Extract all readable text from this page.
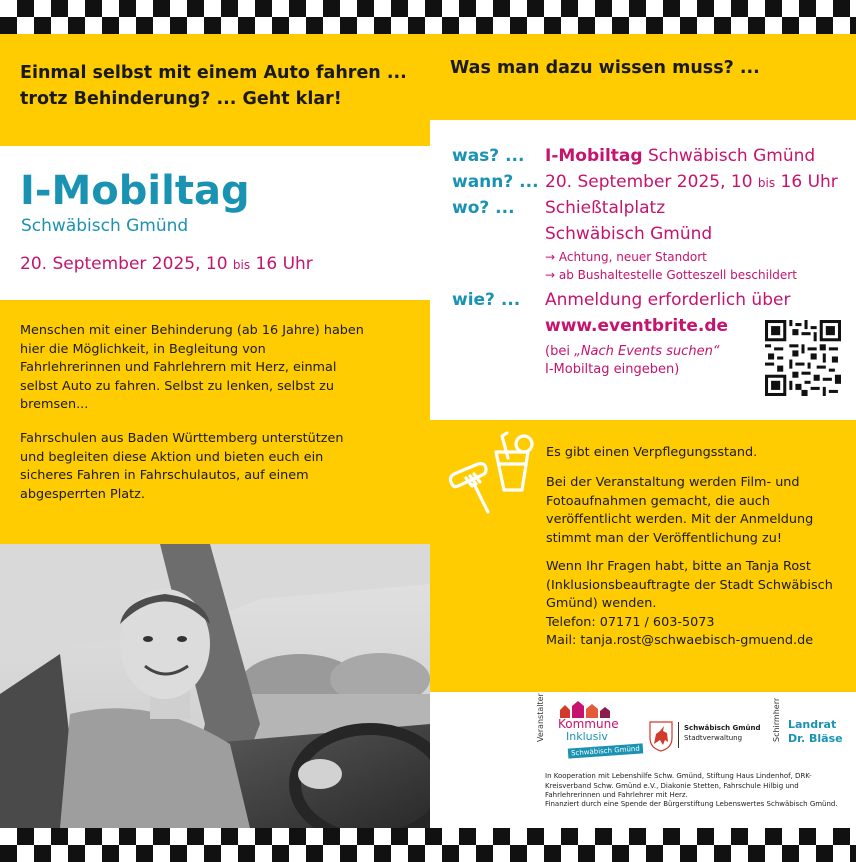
Einmal selbst mit einem Auto fahren ...
trotz Behinderung? ... Geht klar!
I-Mobiltag
Schwäbisch Gmünd
20. September 2025, 10 bis 16 Uhr

Menschen mit einer Behinderung (ab 16 Jahre) haben hier die Möglichkeit, in Begleitung von Fahrlehrerinnen und Fahrlehrern mit Herz, einmal selbst Auto zu fahren. Selbst zu lenken, selbst zu bremsen...

Fahrschulen aus Baden Württemberg unterstützen und begleiten diese Aktion und bieten euch ein sicheres Fahren in Fahrschulautos, auf einem abgesperrten Platz.

Was man dazu wissen muss? ...
was? ... I-Mobiltag Schwäbisch Gmünd
wann? ... 20. September 2025, 10 bis 16 Uhr
wo? ... Schießtalplatz
Schwäbisch Gmünd
→ Achtung, neuer Standort
→ ab Bushaltestelle Gotteszell beschildert
wie? ... Anmeldung erforderlich über
www.eventbrite.de
(bei „Nach Events suchen“
I-Mobiltag eingeben)

Es gibt einen Verpflegungsstand.

Bei der Veranstaltung werden Film- und Fotoaufnahmen gemacht, die auch veröffentlicht werden. Mit der Anmeldung stimmt man der Veröffentlichung zu!

Wenn Ihr Fragen habt, bitte an Tanja Rost (Inklusionsbeauftragte der Stadt Schwäbisch Gmünd) wenden.

Telefon: 07171 / 603-5073

Mail: tanja.rost@schwaebisch-gmuend.de

Veranstalter Kommune
Inklusiv
Schwäbisch Gmünd
Schwäbisch Gmünd
Stadtverwaltung	Schirmherr Landrat
Dr. Bläse
In Kooperation mit Lebenshilfe Schw. Gmünd, Stiftung Haus Lindenhof, DRK-Kreisverband Schw. Gmünd e.V., Diakonie Stetten, Fahrschule Hilbig und Fahrlehrerinnen und Fahrlehrer mit Herz.
Finanziert durch eine Spende der Bürgerstiftung Lebenswertes Schwäbisch Gmünd.
